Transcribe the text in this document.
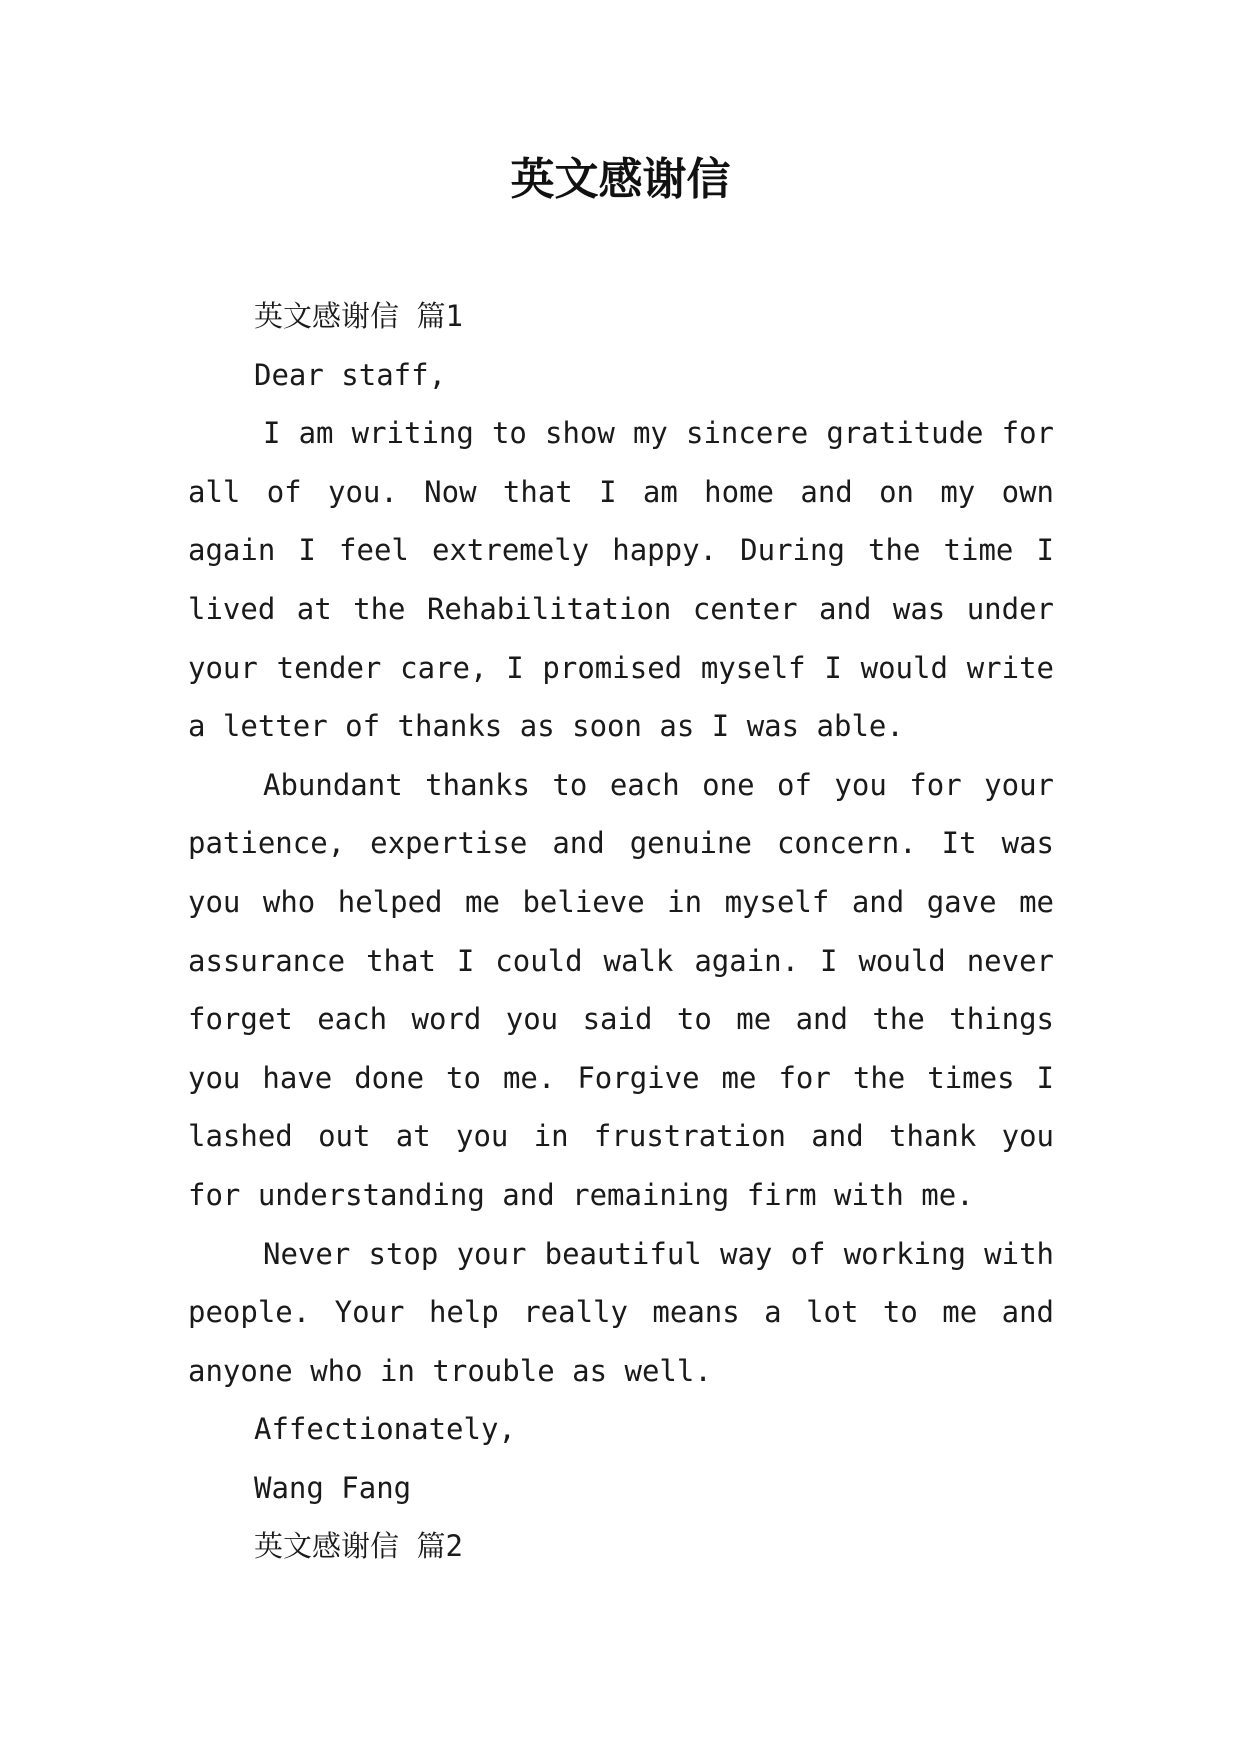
英文感谢信

英文感谢信 篇1

Dear staff,

I am writing to show my sincere gratitude for all of you. Now that I am home and on my own again I feel extremely happy. During the time I lived at the Rehabilitation center and was under your tender care, I promised myself I would write a letter of thanks as soon as I was able.

Abundant thanks to each one of you for your patience, expertise and genuine concern. It was you who helped me believe in myself and gave me assurance that I could walk again. I would never forget each word you said to me and the things you have done to me. Forgive me for the times I lashed out at you in frustration and thank you for understanding and remaining firm with me.

Never stop your beautiful way of working with people. Your help really means a lot to me and anyone who in trouble as well.

Affectionately,

Wang Fang

英文感谢信 篇2
